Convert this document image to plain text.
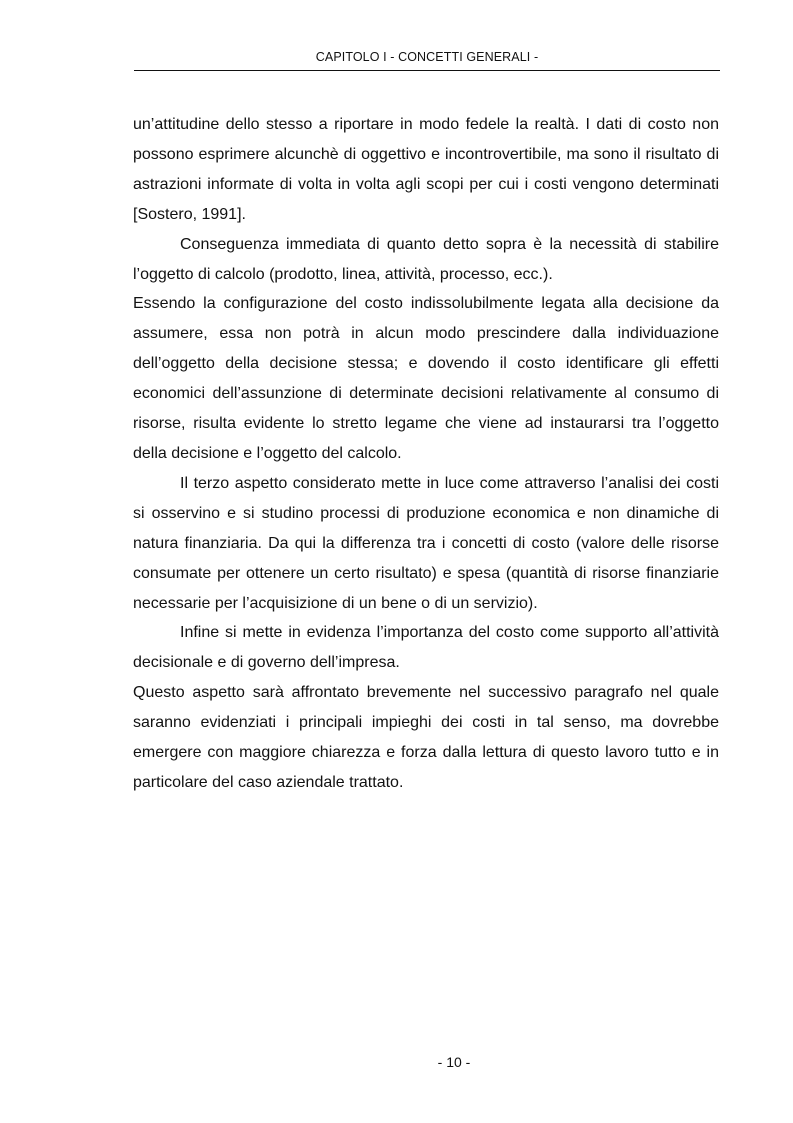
CAPITOLO I - CONCETTI GENERALI -

un’attitudine dello stesso a riportare in modo fedele la realtà. I dati di costo non possono esprimere alcunchè di oggettivo e incontrovertibile, ma sono il risultato di astrazioni informate di volta in volta agli scopi per cui i costi vengono determinati [Sostero, 1991].

Conseguenza immediata di quanto detto sopra è la necessità di stabilire l’oggetto di calcolo (prodotto, linea, attività, processo, ecc.).

Essendo la configurazione del costo indissolubilmente legata alla decisione da assumere, essa non potrà in alcun modo prescindere dalla individuazione dell’oggetto della decisione stessa; e dovendo il costo identificare gli effetti economici dell’assunzione di determinate decisioni relativamente al consumo di risorse, risulta evidente lo stretto legame che viene ad instaurarsi tra l’oggetto della decisione e l’oggetto del calcolo.

Il terzo aspetto considerato mette in luce come attraverso l’analisi dei costi si osservino e si studino processi di produzione economica e non dinamiche di natura finanziaria. Da qui la differenza tra i concetti di costo (valore delle risorse consumate per ottenere un certo risultato) e spesa (quantità di risorse finanziarie necessarie per l’acquisizione di un bene o di un servizio).

Infine si mette in evidenza l’importanza del costo come supporto all’attività decisionale e di governo dell’impresa.

Questo aspetto sarà affrontato brevemente nel successivo paragrafo nel quale saranno evidenziati i principali impieghi dei costi in tal senso, ma dovrebbe emergere con maggiore chiarezza e forza dalla lettura di questo lavoro tutto e in particolare del caso aziendale trattato.

- 10 -
